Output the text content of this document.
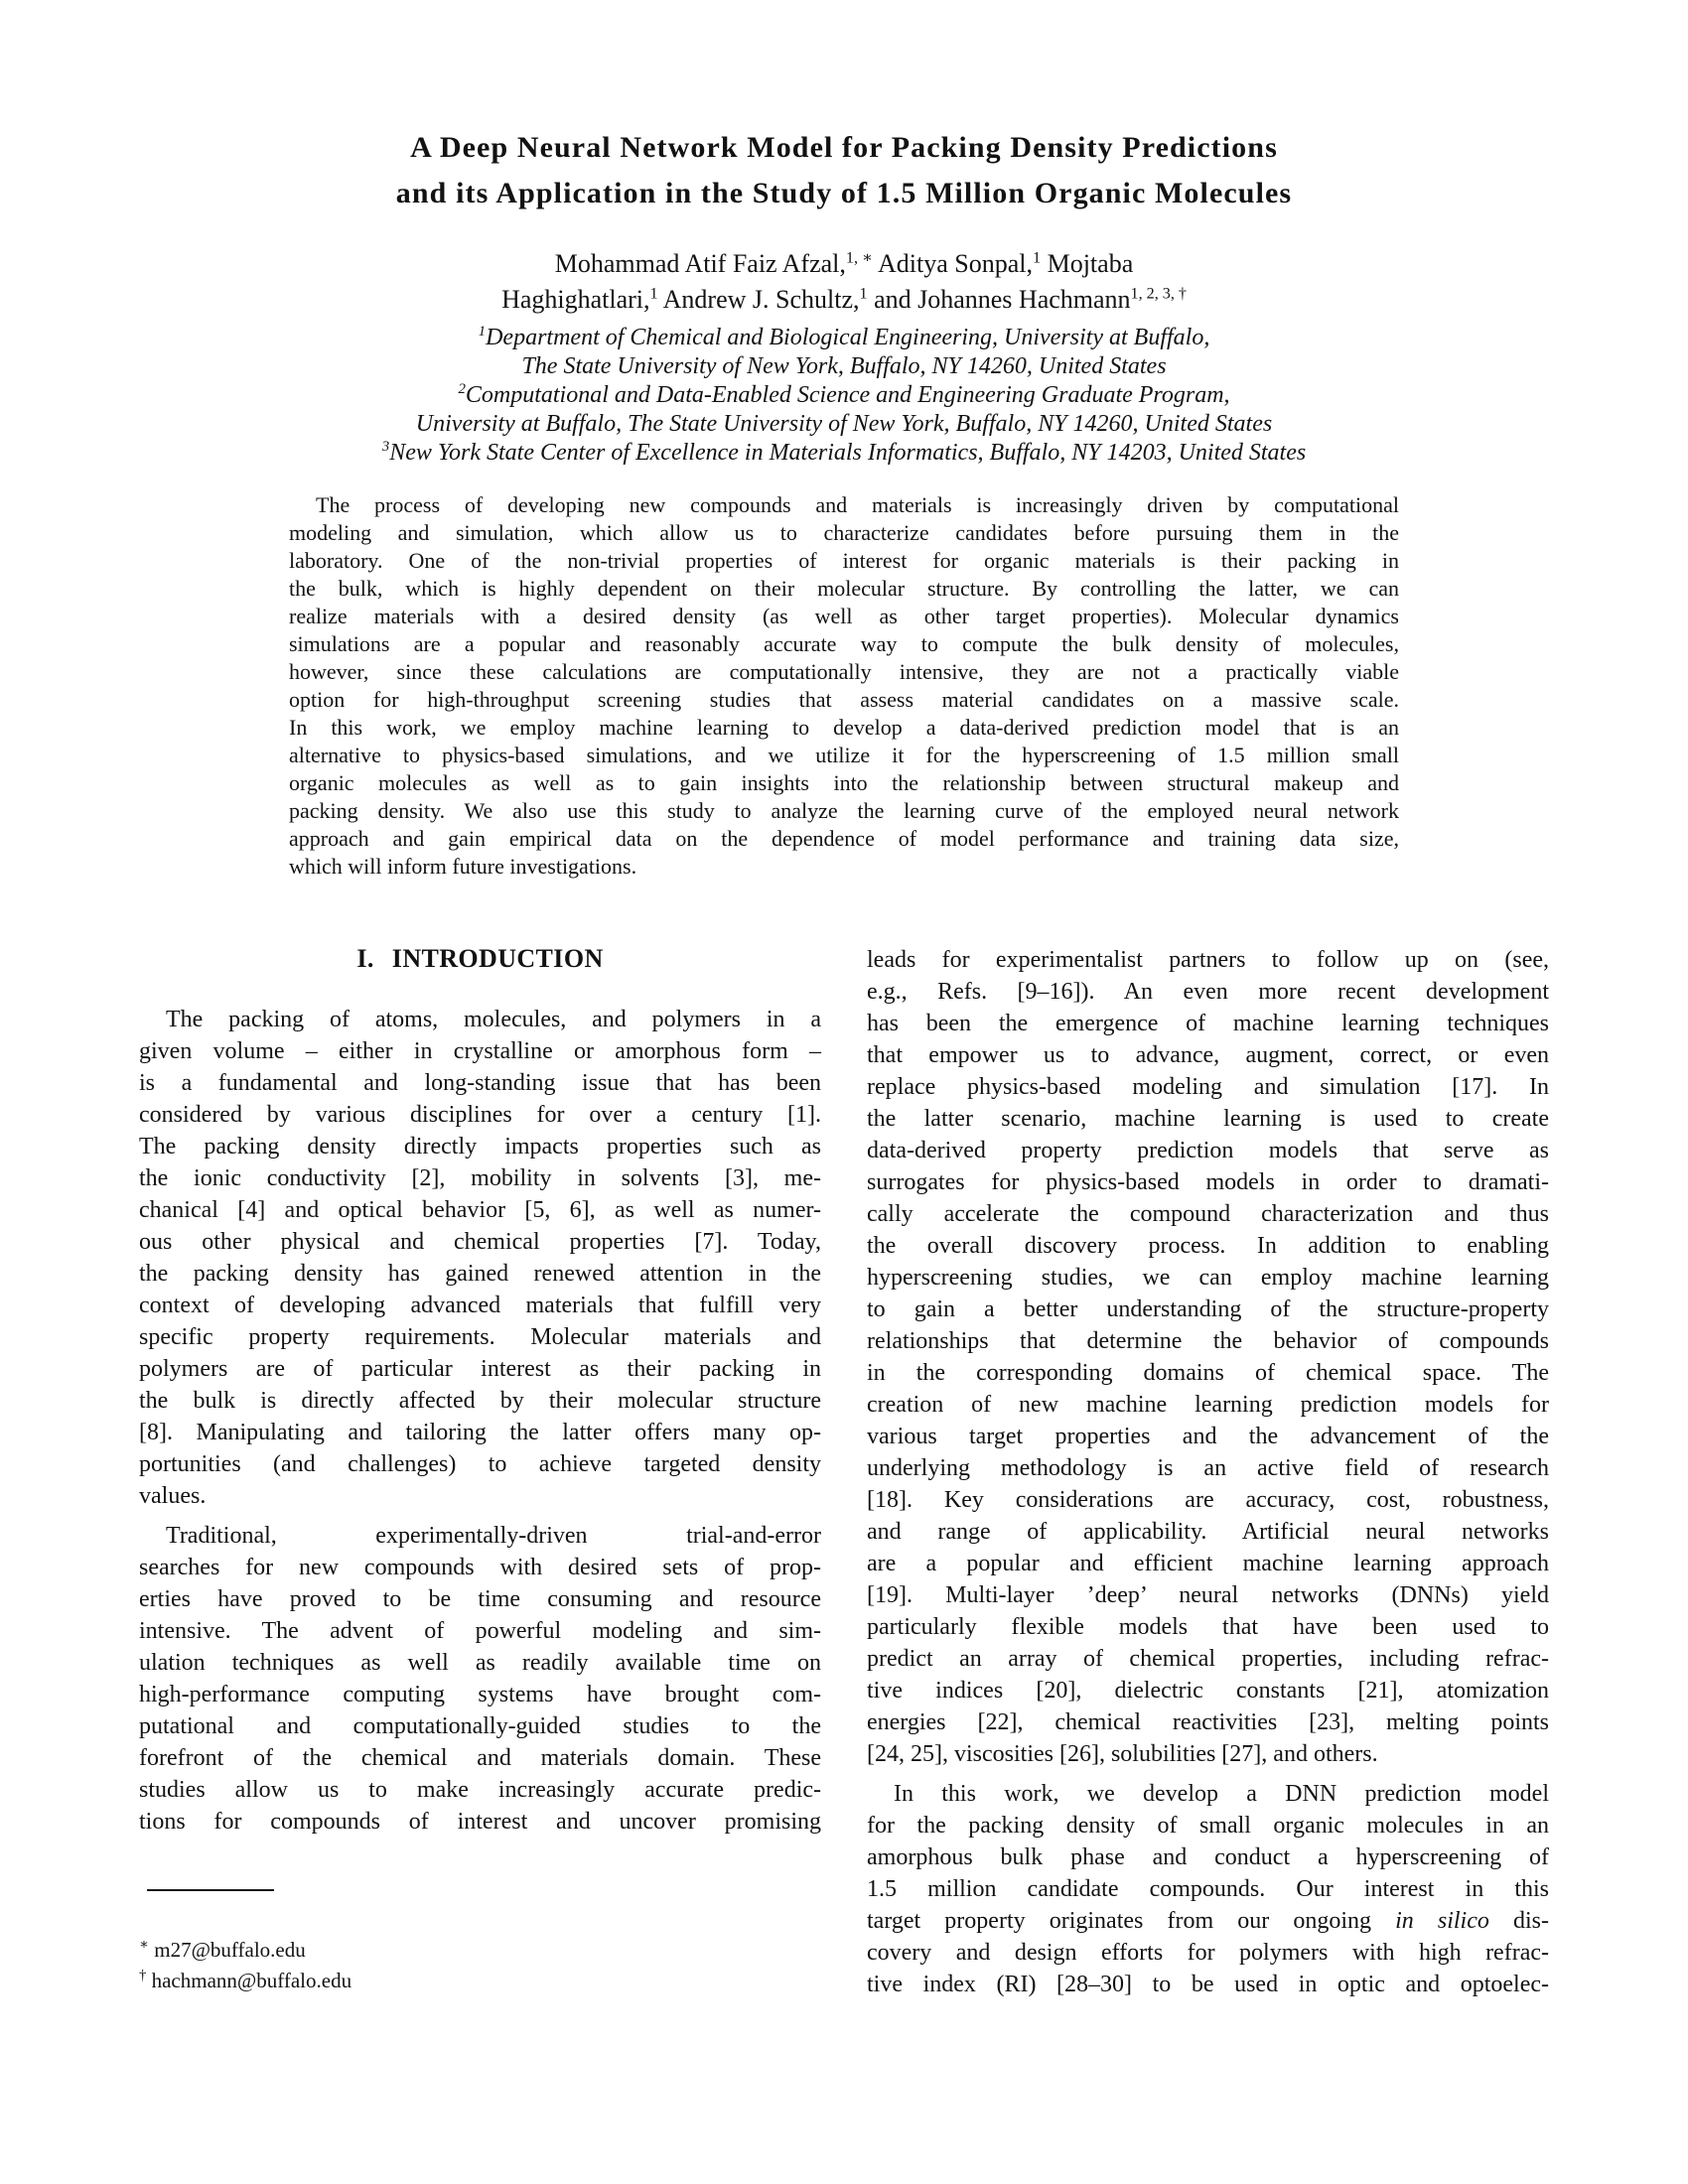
A Deep Neural Network Model for Packing Density Predictions
and its Application in the Study of 1.5 Million Organic Molecules
Mohammad Atif Faiz Afzal,$^{1, ∗}$ Aditya Sonpal,$^1$ Mojtaba
Haghighatlari,$^1$ Andrew J. Schultz,$^1$ and Johannes Hachmann$^{1, 2, 3, \dagger}$
$^1$Department of Chemical and Biological Engineering, University at Buffalo,
The State University of New York, Buffalo, NY 14260, United States
$^2$Computational and Data-Enabled Science and Engineering Graduate Program,
University at Buffalo, The State University of New York, Buffalo, NY 14260, United States
$^3$New York State Center of Excellence in Materials Informatics, Buffalo, NY 14203, United States
The process of developing new compounds and materials is increasingly driven by computational
modeling and simulation, which allow us to characterize candidates before pursuing them in the
laboratory. One of the non-trivial properties of interest for organic materials is their packing in
the bulk, which is highly dependent on their molecular structure. By controlling the latter, we can
realize materials with a desired density (as well as other target properties). Molecular dynamics
simulations are a popular and reasonably accurate way to compute the bulk density of molecules,
however, since these calculations are computationally intensive, they are not a practically viable
option for high-throughput screening studies that assess material candidates on a massive scale.
In this work, we employ machine learning to develop a data-derived prediction model that is an
alternative to physics-based simulations, and we utilize it for the hyperscreening of 1.5 million small
organic molecules as well as to gain insights into the relationship between structural makeup and
packing density. We also use this study to analyze the learning curve of the employed neural network
approach and gain empirical data on the dependence of model performance and training data size,
which will inform future investigations.
I. INTRODUCTION
The packing of atoms, molecules, and polymers in a
given volume – either in crystalline or amorphous form –
is a fundamental and long-standing issue that has been
considered by various disciplines for over a century [1].
The packing density directly impacts properties such as
the ionic conductivity [2], mobility in solvents [3], me-
chanical [4] and optical behavior [5, 6], as well as numer-
ous other physical and chemical properties [7]. Today,
the packing density has gained renewed attention in the
context of developing advanced materials that fulfill very
specific property requirements. Molecular materials and
polymers are of particular interest as their packing in
the bulk is directly affected by their molecular structure
[8]. Manipulating and tailoring the latter offers many op-
portunities (and challenges) to achieve targeted density
values.
Traditional, experimentally-driven trial-and-error
searches for new compounds with desired sets of prop-
erties have proved to be time consuming and resource
intensive. The advent of powerful modeling and sim-
ulation techniques as well as readily available time on
high-performance computing systems have brought com-
putational and computationally-guided studies to the
forefront of the chemical and materials domain. These
studies allow us to make increasingly accurate predic-
tions for compounds of interest and uncover promising
∗ m27@buffalo.edu
† hachmann@buffalo.edu
leads for experimentalist partners to follow up on (see,
e.g., Refs. [9–16]). An even more recent development
has been the emergence of machine learning techniques
that empower us to advance, augment, correct, or even
replace physics-based modeling and simulation [17]. In
the latter scenario, machine learning is used to create
data-derived property prediction models that serve as
surrogates for physics-based models in order to dramati-
cally accelerate the compound characterization and thus
the overall discovery process. In addition to enabling
hyperscreening studies, we can employ machine learning
to gain a better understanding of the structure-property
relationships that determine the behavior of compounds
in the corresponding domains of chemical space. The
creation of new machine learning prediction models for
various target properties and the advancement of the
underlying methodology is an active field of research
[18]. Key considerations are accuracy, cost, robustness,
and range of applicability. Artificial neural networks
are a popular and efficient machine learning approach
[19]. Multi-layer ’deep’ neural networks (DNNs) yield
particularly flexible models that have been used to
predict an array of chemical properties, including refrac-
tive indices [20], dielectric constants [21], atomization
energies [22], chemical reactivities [23], melting points
[24, 25], viscosities [26], solubilities [27], and others.
In this work, we develop a DNN prediction model
for the packing density of small organic molecules in an
amorphous bulk phase and conduct a hyperscreening of
1.5 million candidate compounds. Our interest in this
target property originates from our ongoing in silico dis-
covery and design efforts for polymers with high refrac-
tive index (RI) [28–30] to be used in optic and optoelec-
